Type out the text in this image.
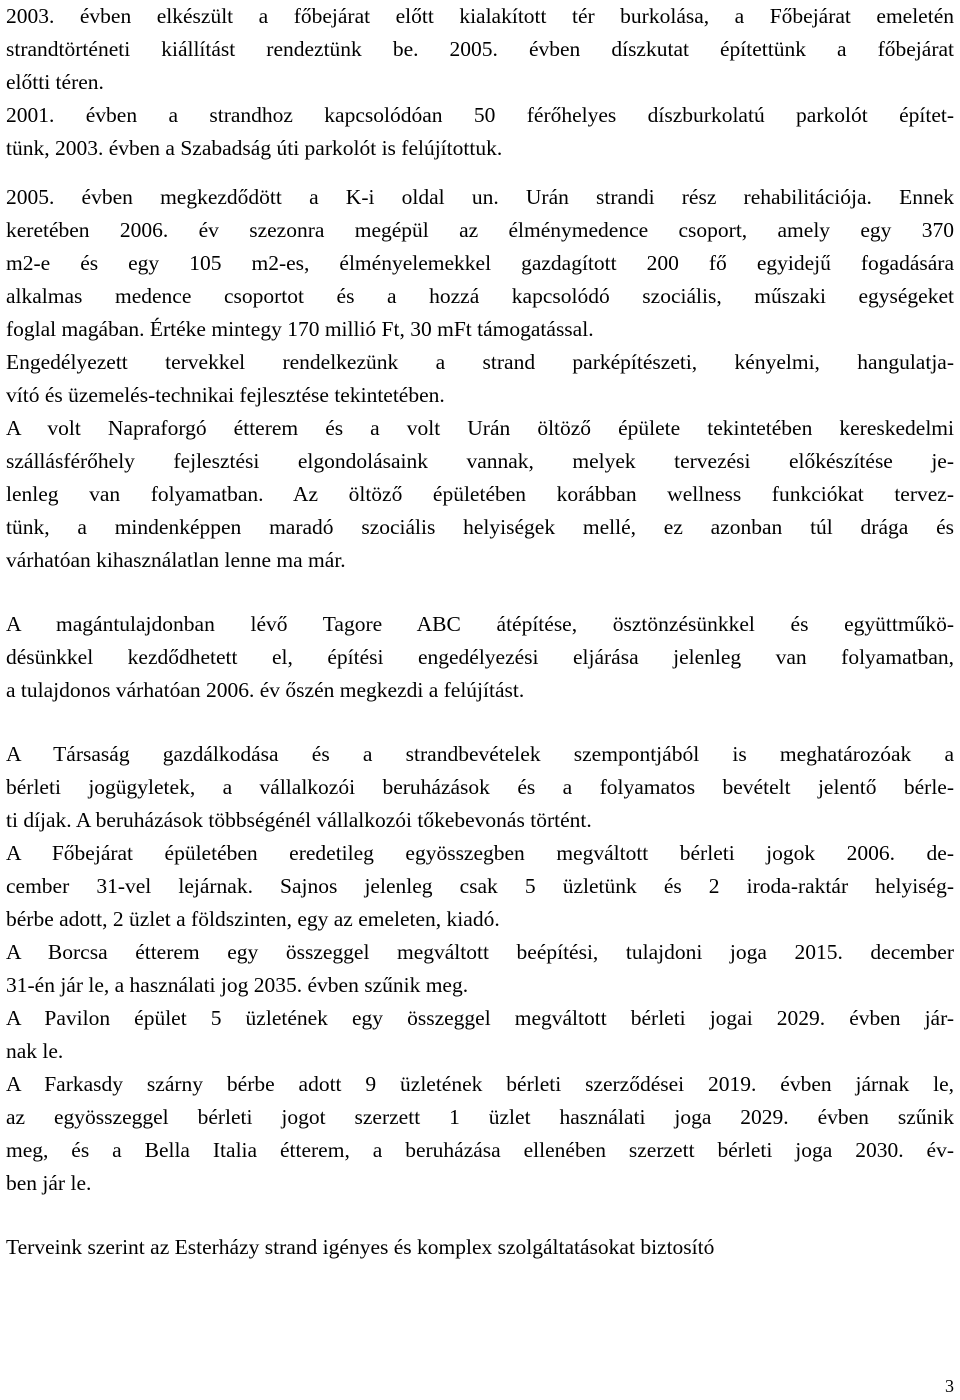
2003. évben elkészült a főbejárat előtt kialakított tér burkolása, a Főbejárat emeletén
strandtörténeti kiállítást rendeztünk be. 2005. évben díszkutat építettünk a főbejárat
előtti téren.
2001. évben a strandhoz kapcsolódóan 50 férőhelyes díszburkolatú parkolót építet-
tünk, 2003. évben a Szabadság úti parkolót is felújítottuk.
2005. évben megkezdődött a K-i oldal un. Urán strandi rész rehabilitációja. Ennek
keretében 2006. év szezonra megépül az élménymedence csoport, amely egy 370
m2-e és egy 105 m2-es, élményelemekkel gazdagított 200 fő egyidejű fogadására
alkalmas medence csoportot és a hozzá kapcsolódó szociális, műszaki egységeket
foglal magában. Értéke mintegy 170 millió Ft, 30 mFt támogatással.
Engedélyezett tervekkel rendelkezünk a strand parképítészeti, kényelmi, hangulatja-
vító és üzemelés-technikai fejlesztése tekintetében.
A volt Napraforgó étterem és a volt Urán öltöző épülete tekintetében kereskedelmi
szállásférőhely fejlesztési elgondolásaink vannak, melyek tervezési előkészítése je-
lenleg van folyamatban. Az öltöző épületében korábban wellness funkciókat tervez-
tünk, a mindenképpen maradó szociális helyiségek mellé, ez azonban túl drága és
várhatóan kihasználatlan lenne ma már.
A magántulajdonban lévő Tagore ABC átépítése, ösztönzésünkkel és együttműkö-
désünkkel kezdődhetett el, építési engedélyezési eljárása jelenleg van folyamatban,
a tulajdonos várhatóan 2006. év őszén megkezdi a felújítást.
A Társaság gazdálkodása és a strandbevételek szempontjából is meghatározóak a
bérleti jogügyletek, a vállalkozói beruházások és a folyamatos bevételt jelentő bérle-
ti díjak. A beruházások többségénél vállalkozói tőkebevonás történt.
A Főbejárat épületében eredetileg egyösszegben megváltott bérleti jogok 2006. de-
cember 31-vel lejárnak. Sajnos jelenleg csak 5 üzletünk és 2 iroda-raktár helyiség-
bérbe adott, 2 üzlet a földszinten, egy az emeleten, kiadó.
A Borcsa étterem egy összeggel megváltott beépítési, tulajdoni joga 2015. december
31-én jár le, a használati jog 2035. évben szűnik meg.
A Pavilon épület 5 üzletének egy összeggel megváltott bérleti jogai 2029. évben jár-
nak le.
A Farkasdy szárny bérbe adott 9 üzletének bérleti szerződései 2019. évben járnak le,
az egyösszeggel bérleti jogot szerzett 1 üzlet használati joga 2029. évben szűnik
meg, és a Bella Italia étterem, a beruházása ellenében szerzett bérleti joga 2030. év-
ben jár le.
Terveink szerint az Esterházy strand igényes és komplex szolgáltatásokat biztosító
3
